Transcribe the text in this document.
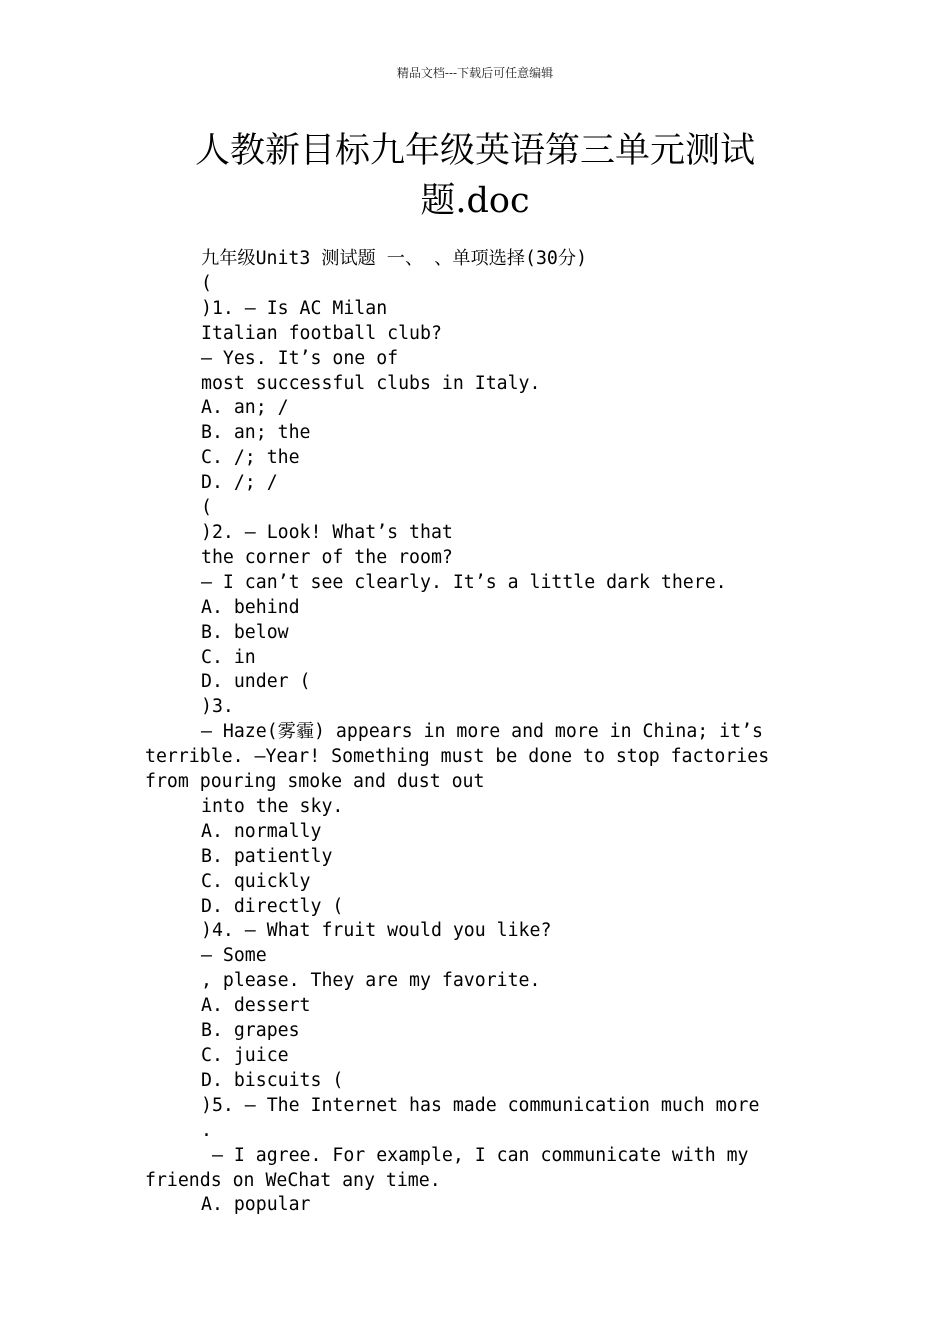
精品文档---下载后可任意编辑
人教新目标九年级英语第三单元测试
题.doc
九年级Unit3 测试题 一、 、单项选择(30分)
(
)1. — Is AC Milan
Italian football club?
— Yes. It’s one of
most successful clubs in Italy.
A. an; /
B. an; the
C. /; the
D. /; /
(
)2. — Look! What’s that
the corner of the room?
— I can’t see clearly. It’s a little dark there.
A. behind
B. below
C. in
D. under (
)3.
— Haze(雾霾) appears in more and more in China; it’s
terrible. —Year! Something must be done to stop factories
from pouring smoke and dust out
into the sky.
A. normally
B. patiently
C. quickly
D. directly (
)4. — What fruit would you like?
— Some
, please. They are my favorite.
A. dessert
B. grapes
C. juice
D. biscuits (
)5. — The Internet has made communication much more
.
— I agree. For example, I can communicate with my
friends on WeChat any time.
A. popular
